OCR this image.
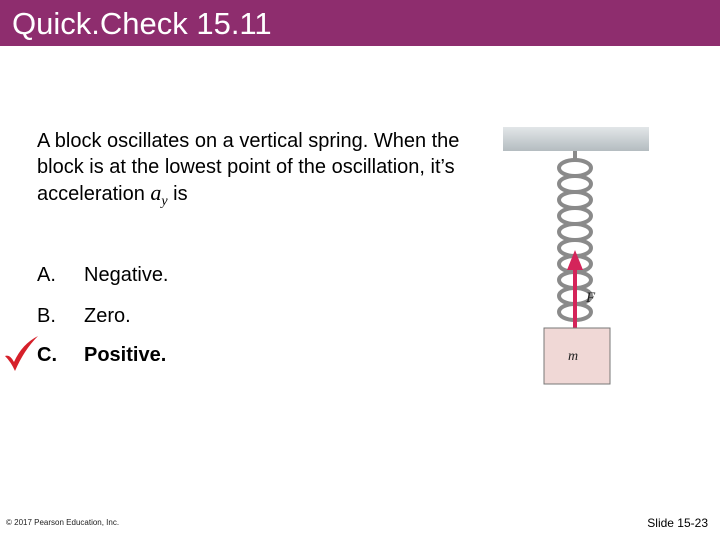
Quick.Check 15.11
A block oscillates on a vertical spring. When the block is at the lowest point of the oscillation, it’s acceleration $a_y$ is
A. Negative.
B. Zero.
C. Positive.
F
m
© 2017 Pearson Education, Inc.	Slide 15-23
